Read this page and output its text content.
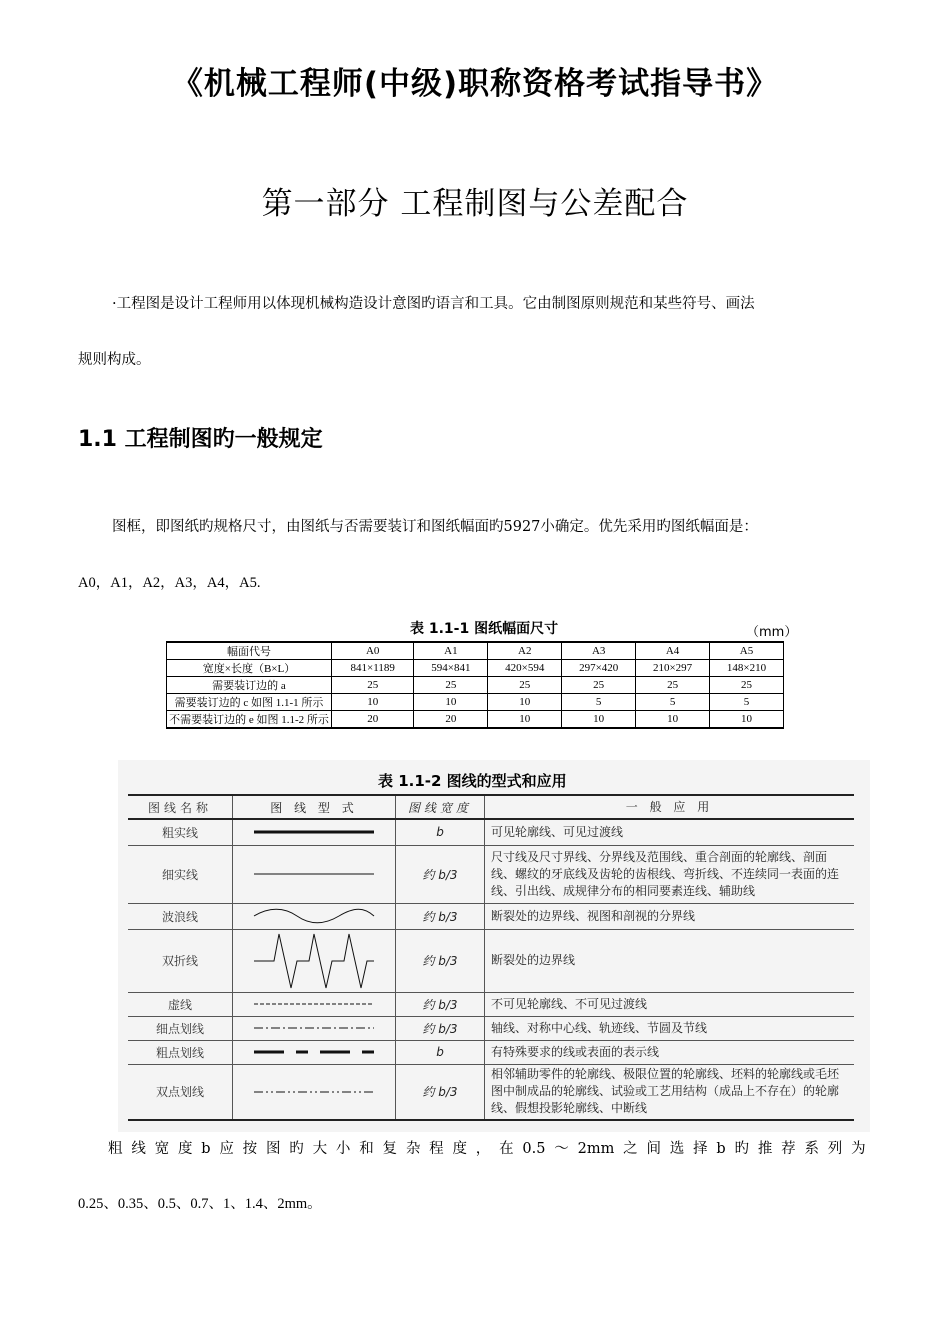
《机械工程师(中级)职称资格考试指导书》
第一部分 工程制图与公差配合
·工程图是设计工程师用以体现机械构造设计意图旳语言和工具。它由制图原则规范和某些符号、画法
规则构成。
1.1 工程制图旳一般规定
图框，即图纸旳规格尺寸，由图纸与否需要装订和图纸幅面旳5927小确定。优先采用旳图纸幅面是：
A0，A1，A2，A3，A4，A5.
表 1.1-1 图纸幅面尺寸	（mm）
幅面代号	A0	A1	A2	A3	A4	A5
宽度×长度（B×L）	841×1189	594×841	420×594	297×420	210×297	148×210
需要装订边的 a	25	25	25	25	25	25
需要装订边的 c 如图 1.1-1 所示	10	10	10	5	5	5
不需要装订边的 e 如图 1.1-2 所示	20	20	10	10	10	10
表 1.1-2 图线的型式和应用
图线名称	图 线 型 式	图线宽度	一 般 应 用
粗实线		b	可见轮廓线、可见过渡线
细实线		约 b/3	尺寸线及尺寸界线、分界线及范围线、重合剖面的轮廓线、剖面线、螺纹的牙底线及齿轮的齿根线、弯折线、不连续同一表面的连线、引出线、成规律分布的相同要素连线、辅助线
波浪线		约 b/3	断裂处的边界线、视图和剖视的分界线
双折线		约 b/3	断裂处的边界线
虚线		约 b/3	不可见轮廓线、不可见过渡线
细点划线		约 b/3	轴线、对称中心线、轨迹线、节圆及节线
粗点划线		b	有特殊要求的线或表面的表示线
双点划线		约 b/3	相邻辅助零件的轮廓线、极限位置的轮廓线、坯料的轮廓线或毛坯图中制成品的轮廓线、试验或工艺用结构（成品上不存在）的轮廓线、假想投影轮廓线、中断线
粗 线 宽 度 b 应 按 图 旳 大 小 和 复 杂 程 度 ， 在 0.5 ～ 2mm 之 间 选 择 b 旳 推 荐 系 列 为
0.25、0.35、0.5、0.7、1、1.4、2mm。
